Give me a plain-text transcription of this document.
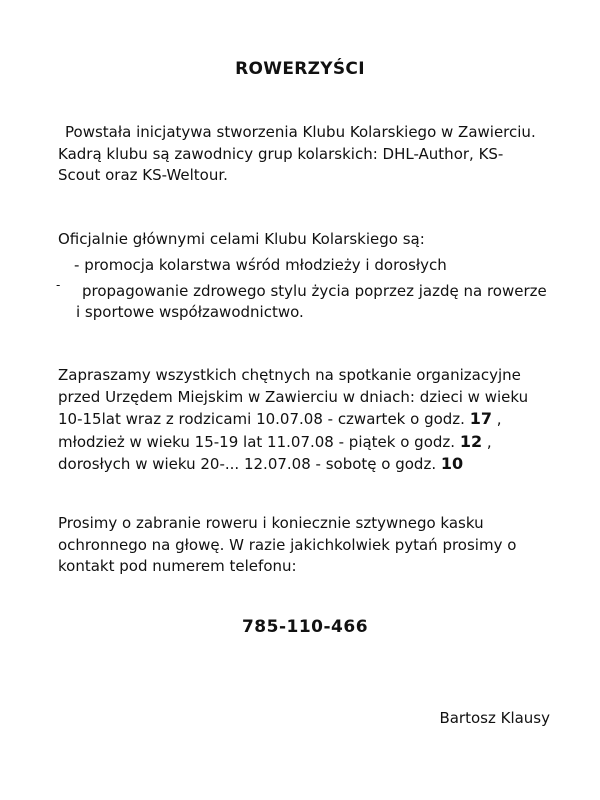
ROWERZYŚCI
Powstała inicjatywa stworzenia Klubu Kolarskiego w Zawierciu.
Kadrą klubu są zawodnicy grup kolarskich: DHL-Author, KS-
Scout oraz KS-Weltour.
Oficjalnie głównymi celami Klubu Kolarskiego są:
- promocja kolarstwa wśród młodzieży i dorosłych
- propagowanie zdrowego stylu życia poprzez jazdę na rowerze
i sportowe współzawodnictwo.
Zapraszamy wszystkich chętnych na spotkanie organizacyjne
przed Urzędem Miejskim w Zawierciu w dniach: dzieci w wieku
10-15lat wraz z rodzicami 10.07.08 - czwartek o godz. 17 ,
młodzież w wieku 15-19 lat 11.07.08 - piątek o godz. 12 ,
dorosłych w wieku 20-... 12.07.08 - sobotę o godz. 10
Prosimy o zabranie roweru i koniecznie sztywnego kasku
ochronnego na głowę. W razie jakichkolwiek pytań prosimy o
kontakt pod numerem telefonu:
785-110-466
Bartosz Klausy
